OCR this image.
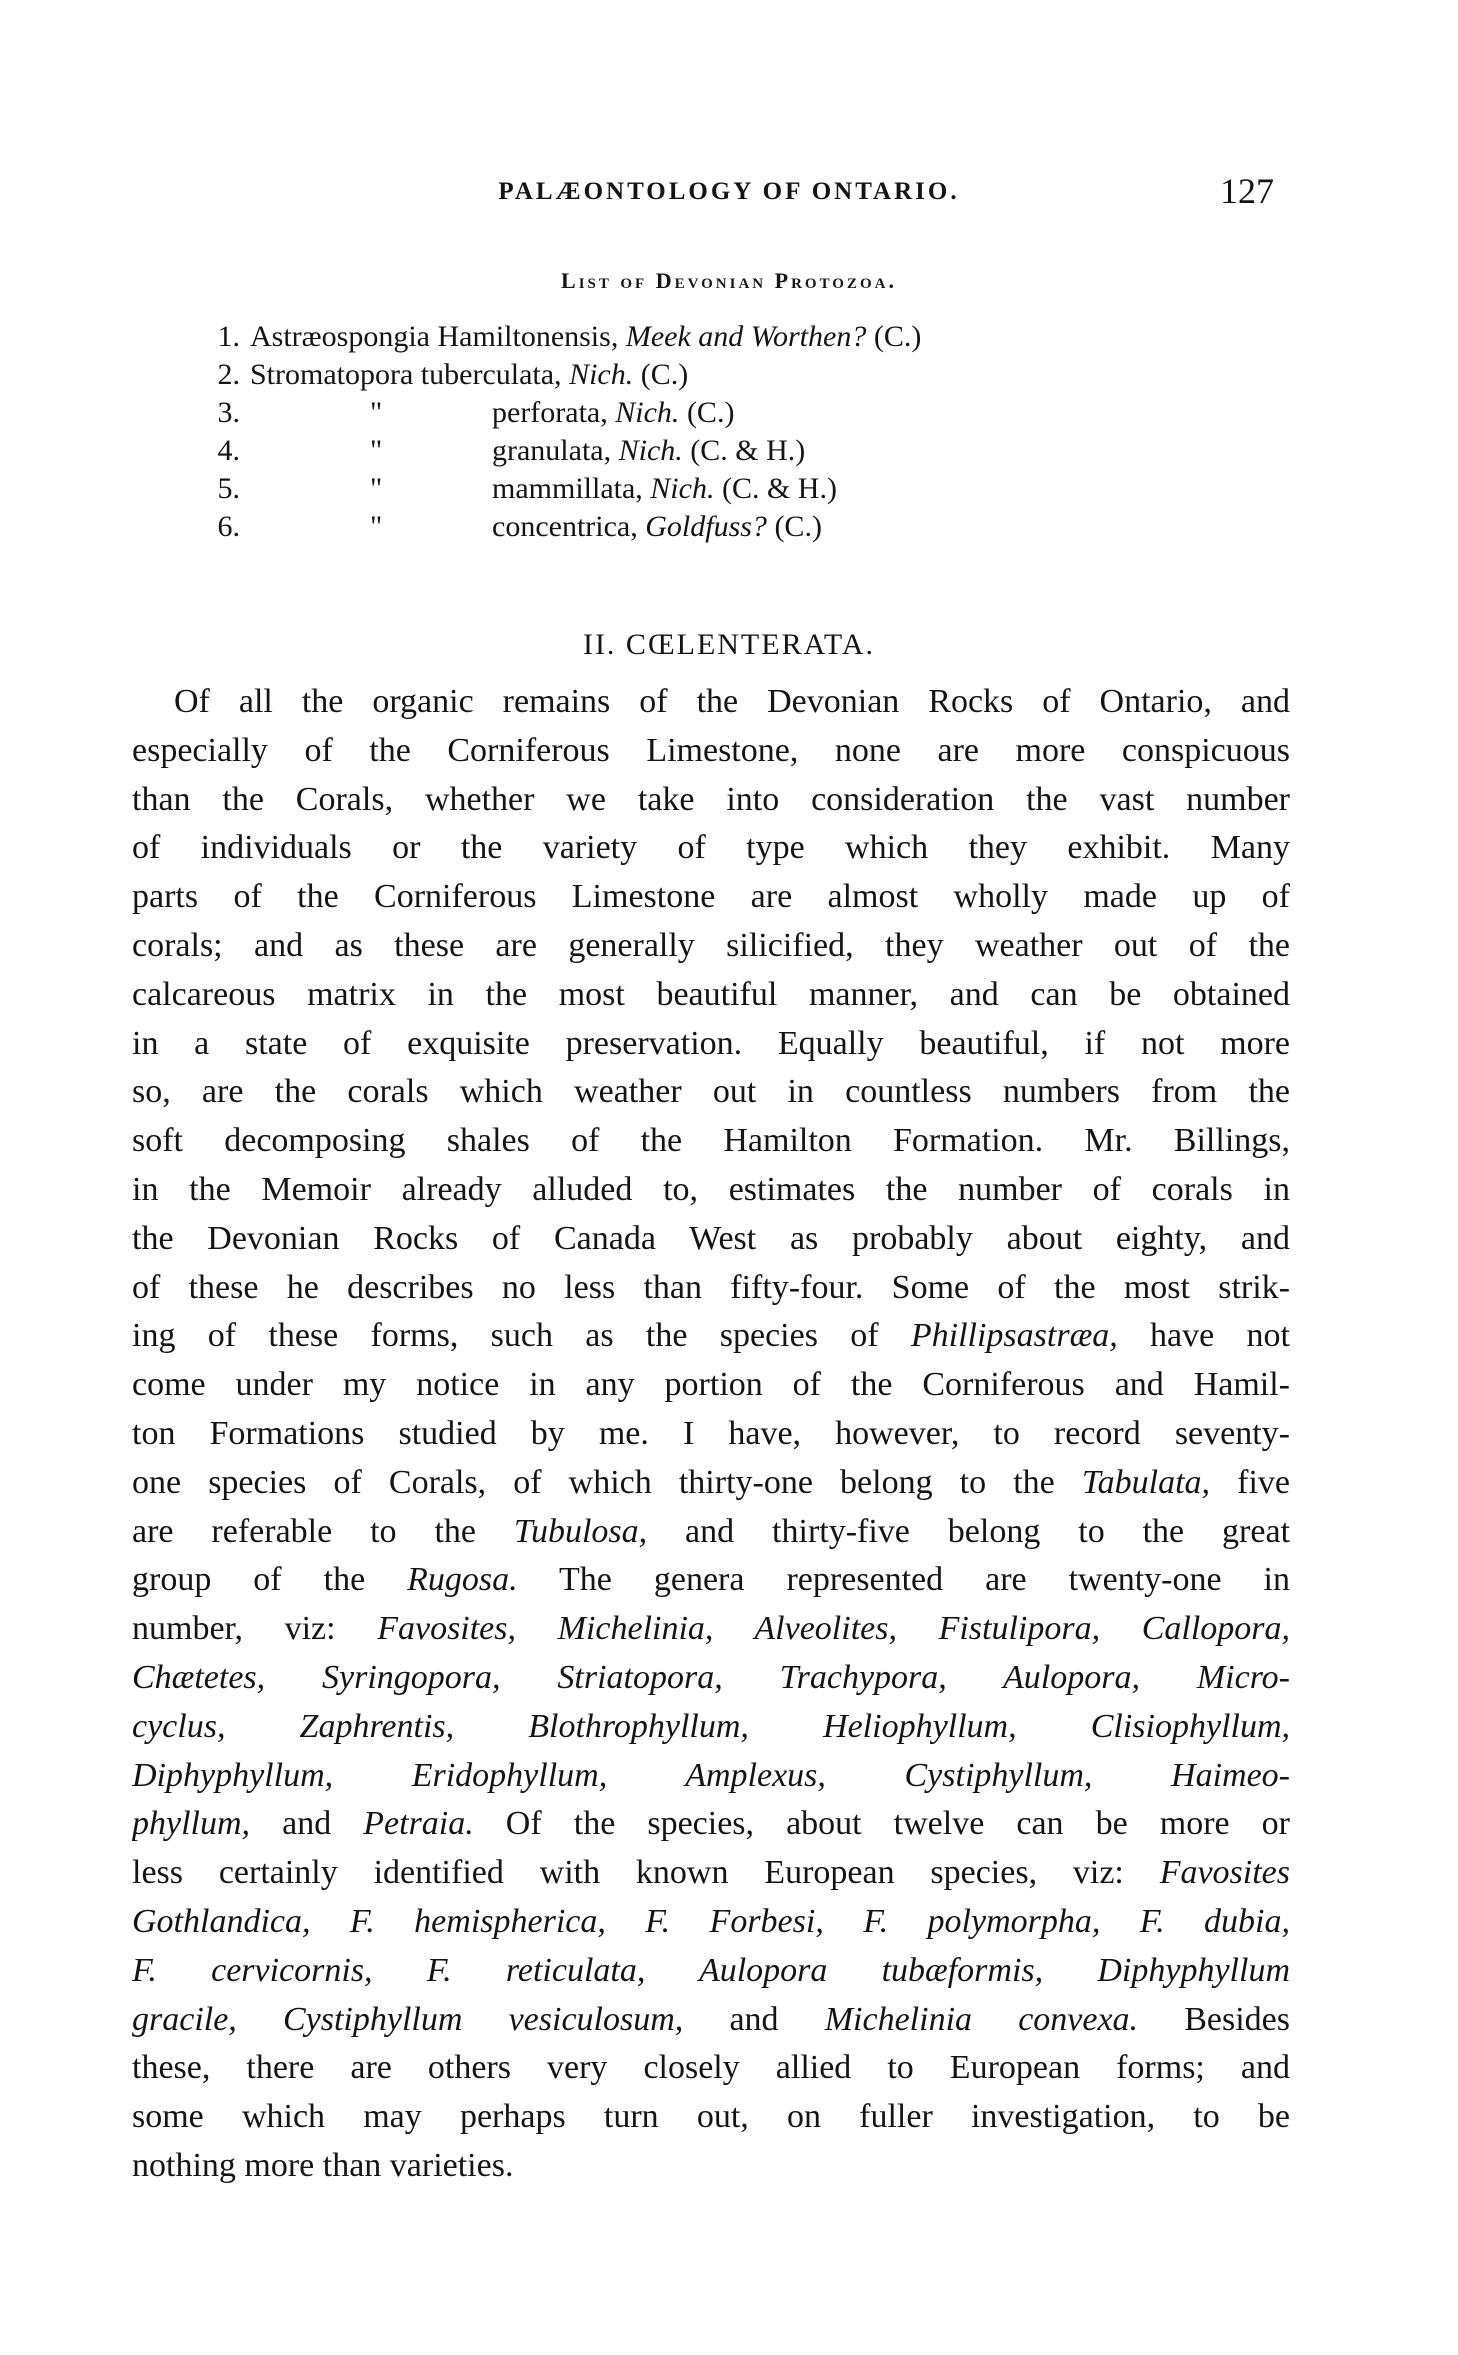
PALÆONTOLOGY OF ONTARIO.	127
List of Devonian Protozoa.
1. Astræospongia Hamiltonensis, Meek and Worthen? (C.)
2. Stromatopora tuberculata, Nich. (C.)
3.	"	perforata, Nich. (C.)
4.	"	granulata, Nich. (C. & H.)
5.	"	mammillata, Nich. (C. & H.)
6.	"	concentrica, Goldfuss? (C.)
II. CŒLENTERATA.
Of all the organic remains of the Devonian Rocks of Ontario, and
especially of the Corniferous Limestone, none are more conspicuous
than the Corals, whether we take into consideration the vast number
of individuals or the variety of type which they exhibit. Many
parts of the Corniferous Limestone are almost wholly made up of
corals; and as these are generally silicified, they weather out of the
calcareous matrix in the most beautiful manner, and can be obtained
in a state of exquisite preservation. Equally beautiful, if not more
so, are the corals which weather out in countless numbers from the
soft decomposing shales of the Hamilton Formation. Mr. Billings,
in the Memoir already alluded to, estimates the number of corals in
the Devonian Rocks of Canada West as probably about eighty, and
of these he describes no less than fifty-four. Some of the most strik-
ing of these forms, such as the species of Phillipsastræa, have not
come under my notice in any portion of the Corniferous and Hamil-
ton Formations studied by me. I have, however, to record seventy-
one species of Corals, of which thirty-one belong to the Tabulata, five
are referable to the Tubulosa, and thirty-five belong to the great
group of the Rugosa. The genera represented are twenty-one in
number, viz: Favosites, Michelinia, Alveolites, Fistulipora, Callopora,
Chætetes, Syringopora, Striatopora, Trachypora, Aulopora, Micro-
cyclus, Zaphrentis, Blothrophyllum, Heliophyllum, Clisiophyllum,
Diphyphyllum, Eridophyllum, Amplexus, Cystiphyllum, Haimeo-
phyllum, and Petraia. Of the species, about twelve can be more or
less certainly identified with known European species, viz: Favosites
Gothlandica, F. hemispherica, F. Forbesi, F. polymorpha, F. dubia,
F. cervicornis, F. reticulata, Aulopora tubæformis, Diphyphyllum
gracile, Cystiphyllum vesiculosum, and Michelinia convexa. Besides
these, there are others very closely allied to European forms; and
some which may perhaps turn out, on fuller investigation, to be
nothing more than varieties.
